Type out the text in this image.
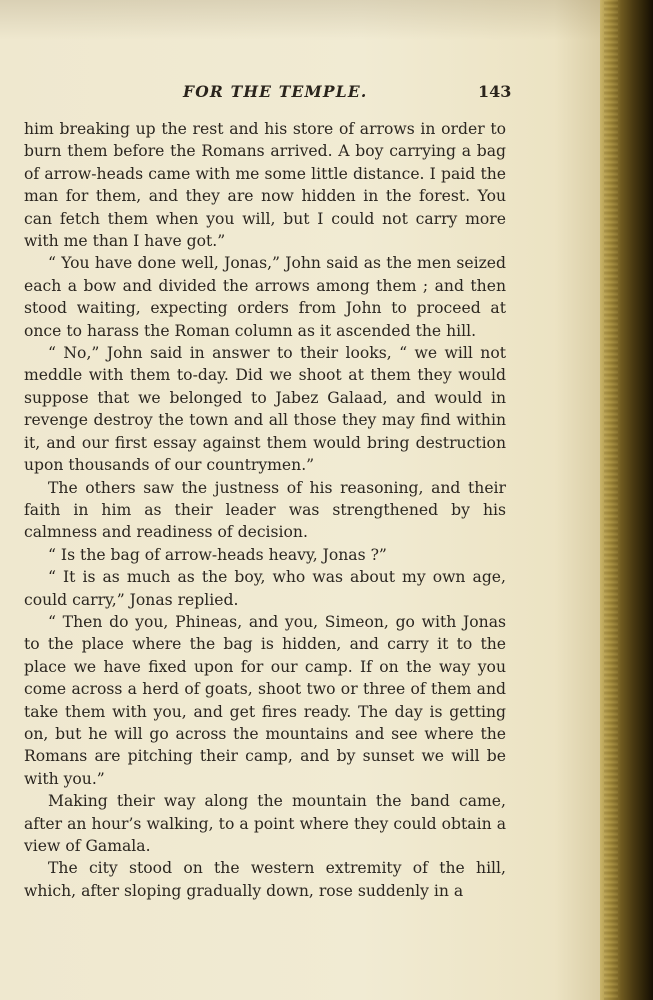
FOR THE TEMPLE.	143

him breaking up the rest and his store of arrows in order to burn them before the Romans arrived. A boy carrying a bag of arrow-heads came with me some little distance. I paid the man for them, and they are now hidden in the forest. You can fetch them when you will, but I could not carry more with me than I have got.”

“ You have done well, Jonas,” John said as the men seized each a bow and divided the arrows among them ; and then stood waiting, expecting orders from John to proceed at once to harass the Roman column as it ascended the hill.

“ No,” John said in answer to their looks, “ we will not meddle with them to-day. Did we shoot at them they would suppose that we belonged to Jabez Galaad, and would in revenge destroy the town and all those they may find within it, and our first essay against them would bring destruction upon thousands of our countrymen.”

The others saw the justness of his reasoning, and their faith in him as their leader was strengthened by his calmness and readiness of decision.

“ Is the bag of arrow-heads heavy, Jonas ?”

“ It is as much as the boy, who was about my own age, could carry,” Jonas replied.

“ Then do you, Phineas, and you, Simeon, go with Jonas to the place where the bag is hidden, and carry it to the place we have fixed upon for our camp. If on the way you come across a herd of goats, shoot two or three of them and take them with you, and get fires ready. The day is getting on, but he will go across the mountains and see where the Romans are pitching their camp, and by sunset we will be with you.”

Making their way along the mountain the band came, after an hour’s walking, to a point where they could obtain a view of Gamala.

The city stood on the western extremity of the hill, which, after sloping gradually down, rose suddenly in a
